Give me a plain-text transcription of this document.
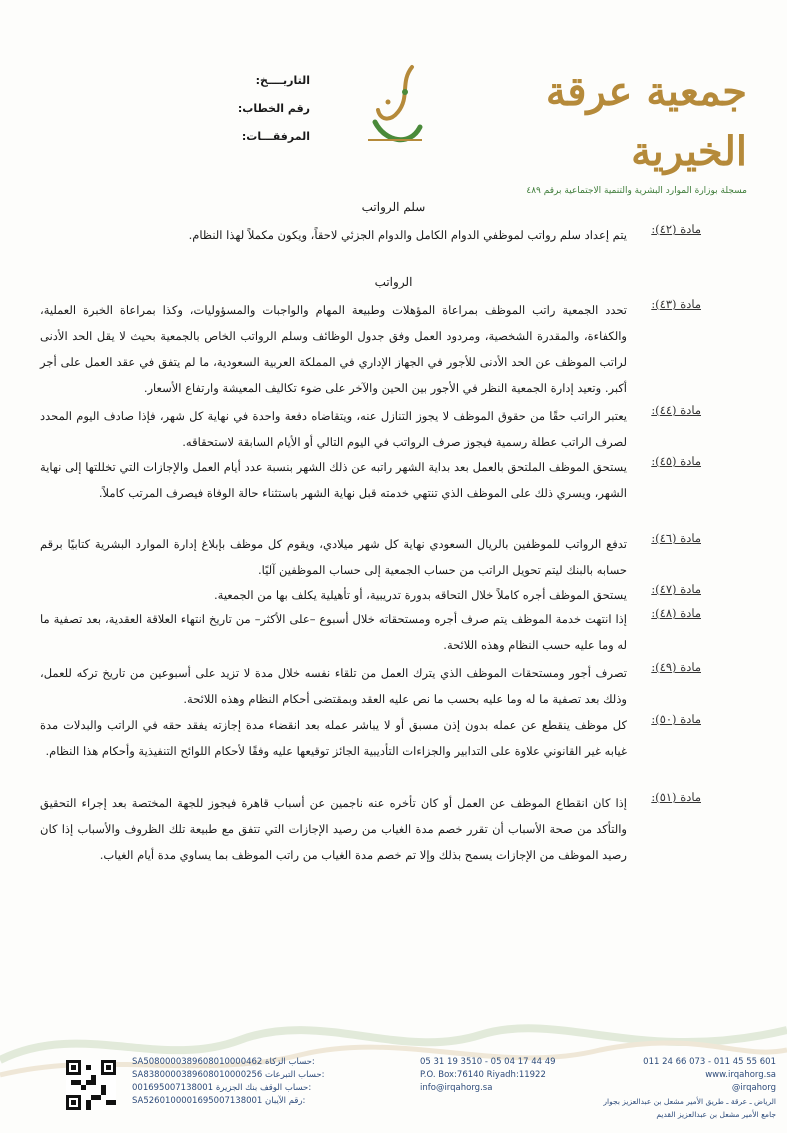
جمعية عرقة الخيرية
مسجلة بوزارة الموارد البشرية والتنمية الاجتماعية برقم ٤٨٩
التاريــــخ:
رقم الخطاب:
المرفقـــات:
سلم الرواتب
مادة (٤٢):
يتم إعداد سلم رواتب لموظفي الدوام الكامل والدوام الجزئي لاحقاً، ويكون مكملاً لهذا النظام.
الرواتب
مادة (٤٣):
تحدد الجمعية راتب الموظف بمراعاة المؤهلات وطبيعة المهام والواجبات والمسؤوليات، وكذا بمراعاة الخبرة العملية، والكفاءة، والمقدرة الشخصية، ومردود العمل وفق جدول الوظائف وسلم الرواتب الخاص بالجمعية بحيث لا يقل الحد الأدنى لراتب الموظف عن الحد الأدنى للأجور في الجهاز الإداري في المملكة العربية السعودية، ما لم يتفق في عقد العمل على أجر أكبر. وتعيد إدارة الجمعية النظر في الأجور بين الحين والآخر على ضوء تكاليف المعيشة وارتفاع الأسعار.
مادة (٤٤):
يعتبر الراتب حقًا من حقوق الموظف لا يجوز التنازل عنه، ويتقاضاه دفعة واحدة في نهاية كل شهر، فإذا صادف اليوم المحدد لصرف الراتب عطلة رسمية فيجوز صرف الرواتب في اليوم التالي أو الأيام السابقة لاستحقاقه.
مادة (٤٥):
يستحق الموظف الملتحق بالعمل بعد بداية الشهر راتبه عن ذلك الشهر بنسبة عدد أيام العمل والإجازات التي تخللتها إلى نهاية الشهر، ويسري ذلك على الموظف الذي تنتهي خدمته قبل نهاية الشهر باستثناء حالة الوفاة فيصرف المرتب كاملاً.
مادة (٤٦):
تدفع الرواتب للموظفين بالريال السعودي نهاية كل شهر ميلادي، ويقوم كل موظف بإبلاغ إدارة الموارد البشرية كتابيًا برقم حسابه بالبنك ليتم تحويل الراتب من حساب الجمعية إلى حساب الموظفين آليًا.
مادة (٤٧):
يستحق الموظف أجره كاملاً خلال التحاقه بدورة تدريبية، أو تأهيلية يكلف بها من الجمعية.
مادة (٤٨):
إذا انتهت خدمة الموظف يتم صرف أجره ومستحقاته خلال أسبوع –على الأكثر– من تاريخ انتهاء العلاقة العقدية، بعد تصفية ما له وما عليه حسب النظام وهذه اللائحة.
مادة (٤٩):
تصرف أجور ومستحقات الموظف الذي يترك العمل من تلقاء نفسه خلال مدة لا تزيد على أسبوعين من تاريخ تركه للعمل، وذلك بعد تصفية ما له وما عليه بحسب ما نص عليه العقد وبمقتضى أحكام النظام وهذه اللائحة.
مادة (٥٠):
كل موظف ينقطع عن عمله بدون إذن مسبق أو لا يباشر عمله بعد انقضاء مدة إجازته يفقد حقه في الراتب والبدلات مدة غيابه غير القانوني علاوة على التدابير والجزاءات التأديبية الجائز توقيعها عليه وفقًا لأحكام اللوائح التنفيذية وأحكام هذا النظام.
مادة (٥١):
إذا كان انقطاع الموظف عن العمل أو كان تأخره عنه ناجمين عن أسباب قاهرة فيجوز للجهة المختصة بعد إجراء التحقيق والتأكد من صحة الأسباب أن تقرر خصم مدة الغياب من رصيد الإجازات التي تتفق مع طبيعة تلك الظروف والأسباب إذا كان رصيد الموظف من الإجازات يسمح بذلك وإلا تم خصم مدة الغياب من راتب الموظف بما يساوي مدة أيام الغياب.
011 24 66 073 - 011 45 55 601
www.irqahorg.sa
@irqahorg
الرياض ـ عرقة ـ طريق الأمير مشعل بن عبدالعزيز بجوار جامع الأمير مشعل بن عبدالعزيز القديم
05 31 19 3510 - 05 04 17 44 49
P.O. Box:76140 Riyadh:11922
info@irqahorg.sa
SA5080000389608010000462 حساب الزكاة:
SA8380000389608010000256 حساب التبرعات:
001695007138001 حساب الوقف بنك الجزيرة:
SA5260100001695007138001 رقم الآيبان:
